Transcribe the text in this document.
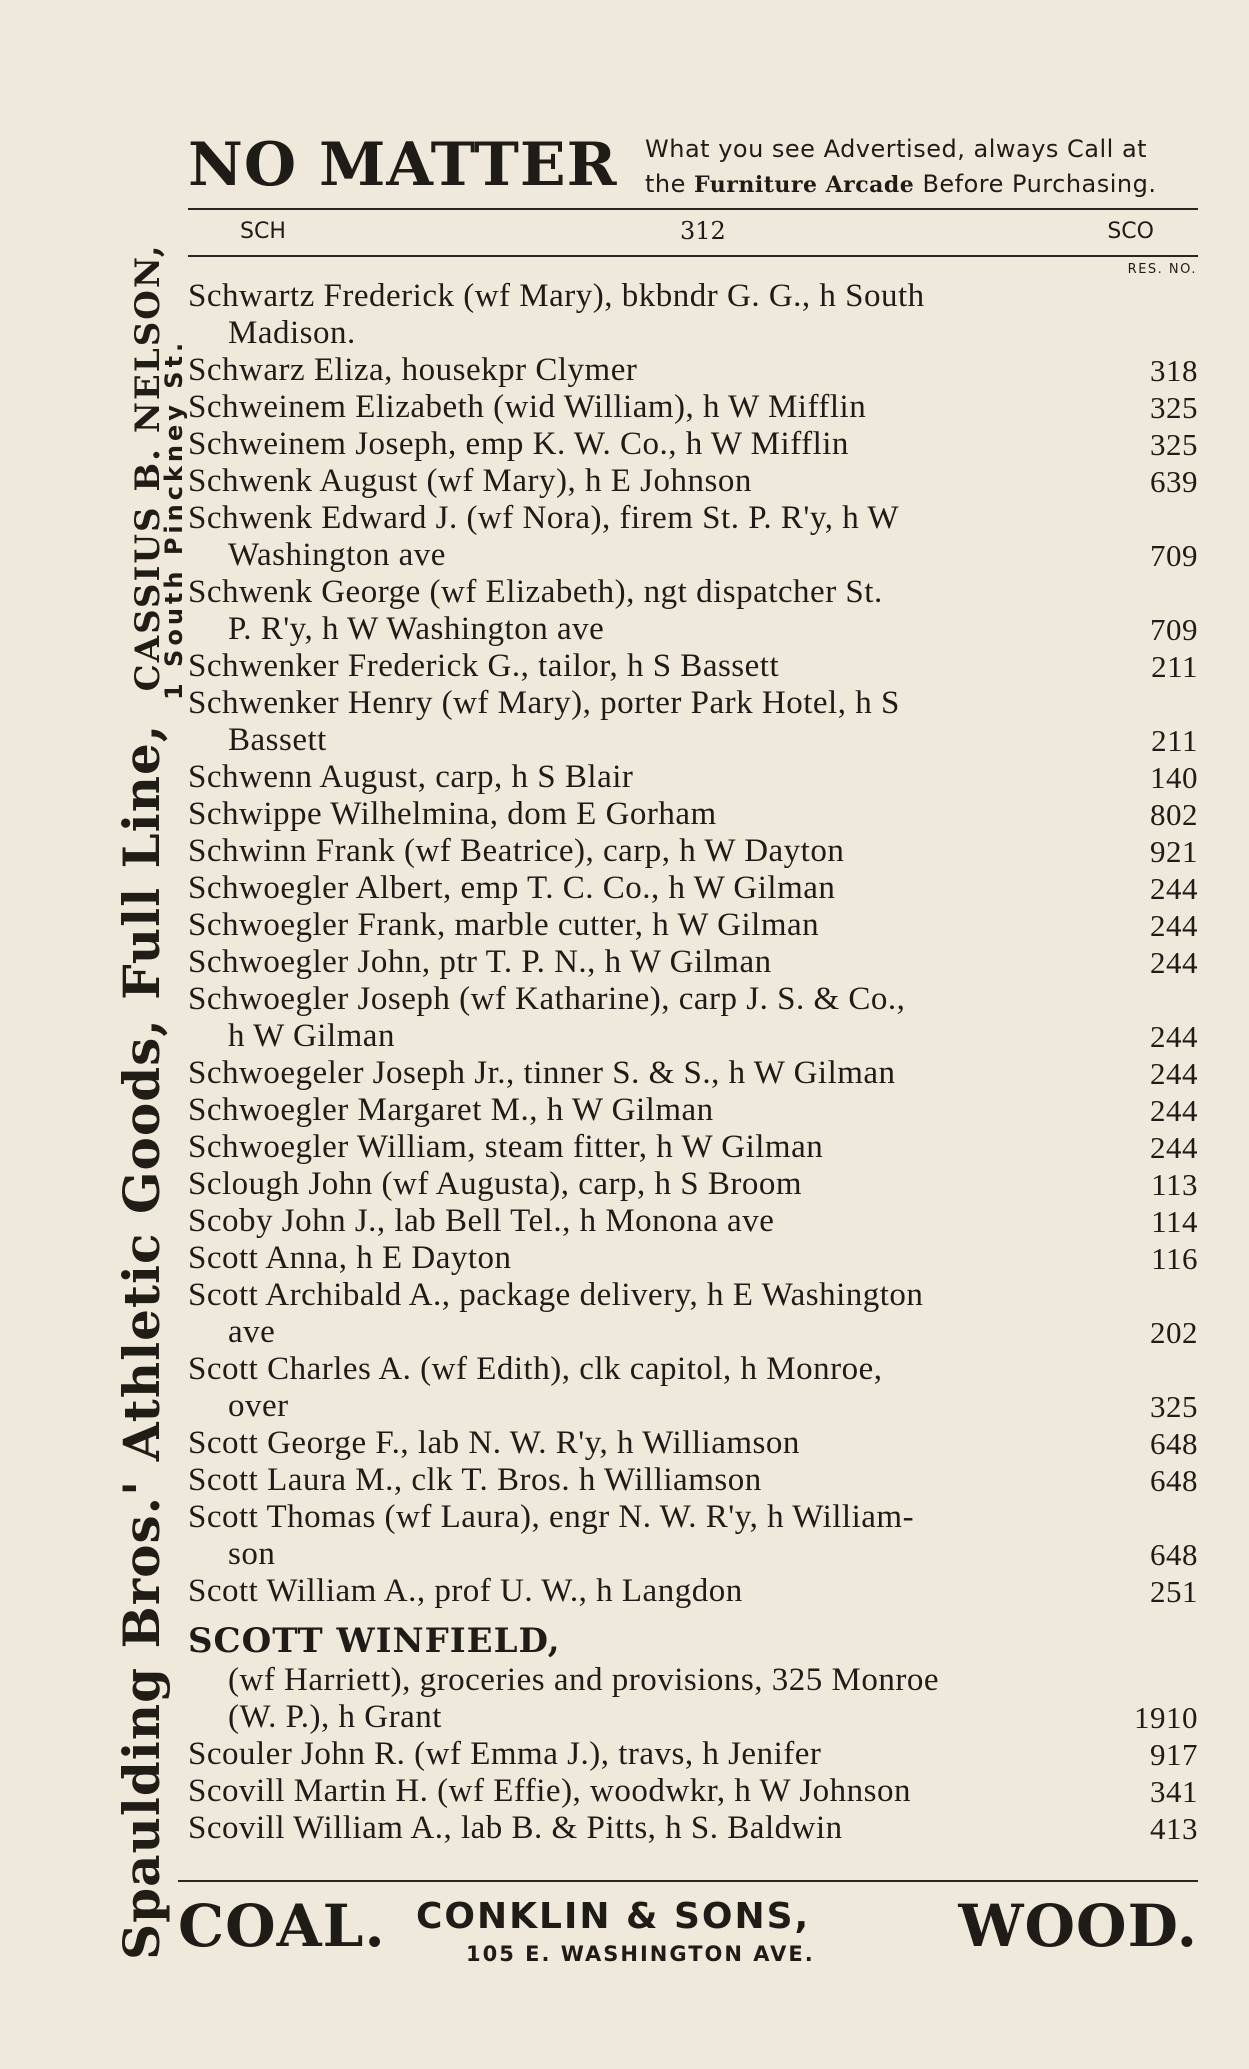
Spaulding Bros.' Athletic Goods, Full Line, CASSIUS B. NELSON,
1 South Pinckney St.
NO MATTER What you see Advertised, always Call at
the Furniture Arcade Before Purchasing.
SCH	312	SCO
RES. NO.
Schwartz Frederick (wf Mary), bkbndr G. G., h South
Madison.
Schwarz Eliza, housekpr Clymer	318
Schweinem Elizabeth (wid William), h W Mifflin	325
Schweinem Joseph, emp K. W. Co., h W Mifflin	325
Schwenk August (wf Mary), h E Johnson	639
Schwenk Edward J. (wf Nora), firem St. P. R'y, h W
Washington ave	709
Schwenk George (wf Elizabeth), ngt dispatcher St.
P. R'y, h W Washington ave	709
Schwenker Frederick G., tailor, h S Bassett	211
Schwenker Henry (wf Mary), porter Park Hotel, h S
Bassett	211
Schwenn August, carp, h S Blair	140
Schwippe Wilhelmina, dom E Gorham	802
Schwinn Frank (wf Beatrice), carp, h W Dayton	921
Schwoegler Albert, emp T. C. Co., h W Gilman	244
Schwoegler Frank, marble cutter, h W Gilman	244
Schwoegler John, ptr T. P. N., h W Gilman	244
Schwoegler Joseph (wf Katharine), carp J. S. & Co.,
h W Gilman	244
Schwoegeler Joseph Jr., tinner S. & S., h W Gilman	244
Schwoegler Margaret M., h W Gilman	244
Schwoegler William, steam fitter, h W Gilman	244
Sclough John (wf Augusta), carp, h S Broom	113
Scoby John J., lab Bell Tel., h Monona ave	114
Scott Anna, h E Dayton	116
Scott Archibald A., package delivery, h E Washington
ave	202
Scott Charles A. (wf Edith), clk capitol, h Monroe,
over	325
Scott George F., lab N. W. R'y, h Williamson	648
Scott Laura M., clk T. Bros. h Williamson	648
Scott Thomas (wf Laura), engr N. W. R'y, h William-
son	648
Scott William A., prof U. W., h Langdon	251
SCOTT WINFIELD,
(wf Harriett), groceries and provisions, 325 Monroe
(W. P.), h Grant	1910
Scouler John R. (wf Emma J.), travs, h Jenifer	917
Scovill Martin H. (wf Effie), woodwkr, h W Johnson	341
Scovill William A., lab B. & Pitts, h S. Baldwin	413
COAL. CONKLIN & SONS,
105 E. WASHINGTON AVE. WOOD.
